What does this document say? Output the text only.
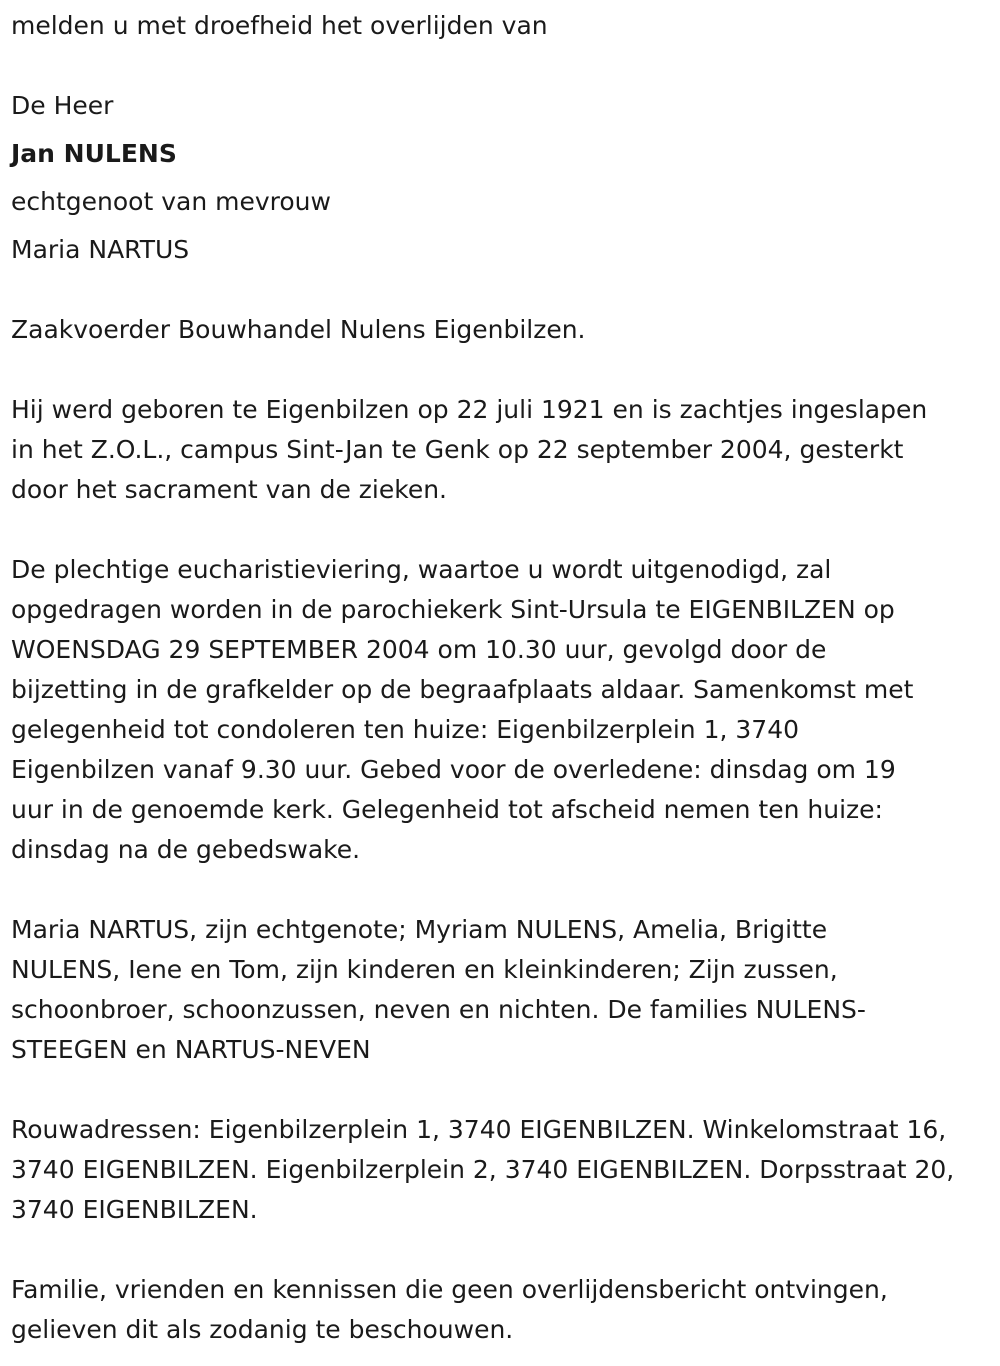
melden u met droefheid het overlijden van

De Heer

Jan NULENS

echtgenoot van mevrouw

Maria NARTUS

Zaakvoerder Bouwhandel Nulens Eigenbilzen.

Hij werd geboren te Eigenbilzen op 22 juli 1921 en is zachtjes ingeslapen

in het Z.O.L., campus Sint-Jan te Genk op 22 september 2004, gesterkt

door het sacrament van de zieken.

De plechtige eucharistieviering, waartoe u wordt uitgenodigd, zal

opgedragen worden in de parochiekerk Sint-Ursula te EIGENBILZEN op

WOENSDAG 29 SEPTEMBER 2004 om 10.30 uur, gevolgd door de

bijzetting in de grafkelder op de begraafplaats aldaar. Samenkomst met

gelegenheid tot condoleren ten huize: Eigenbilzerplein 1, 3740

Eigenbilzen vanaf 9.30 uur. Gebed voor de overledene: dinsdag om 19

uur in de genoemde kerk. Gelegenheid tot afscheid nemen ten huize:

dinsdag na de gebedswake.

Maria NARTUS, zijn echtgenote; Myriam NULENS, Amelia, Brigitte

NULENS, Iene en Tom, zijn kinderen en kleinkinderen; Zijn zussen,

schoonbroer, schoonzussen, neven en nichten. De families NULENS-

STEEGEN en NARTUS-NEVEN

Rouwadressen: Eigenbilzerplein 1, 3740 EIGENBILZEN. Winkelomstraat 16,

3740 EIGENBILZEN. Eigenbilzerplein 2, 3740 EIGENBILZEN. Dorpsstraat 20,

3740 EIGENBILZEN.

Familie, vrienden en kennissen die geen overlijdensbericht ontvingen,

gelieven dit als zodanig te beschouwen.
